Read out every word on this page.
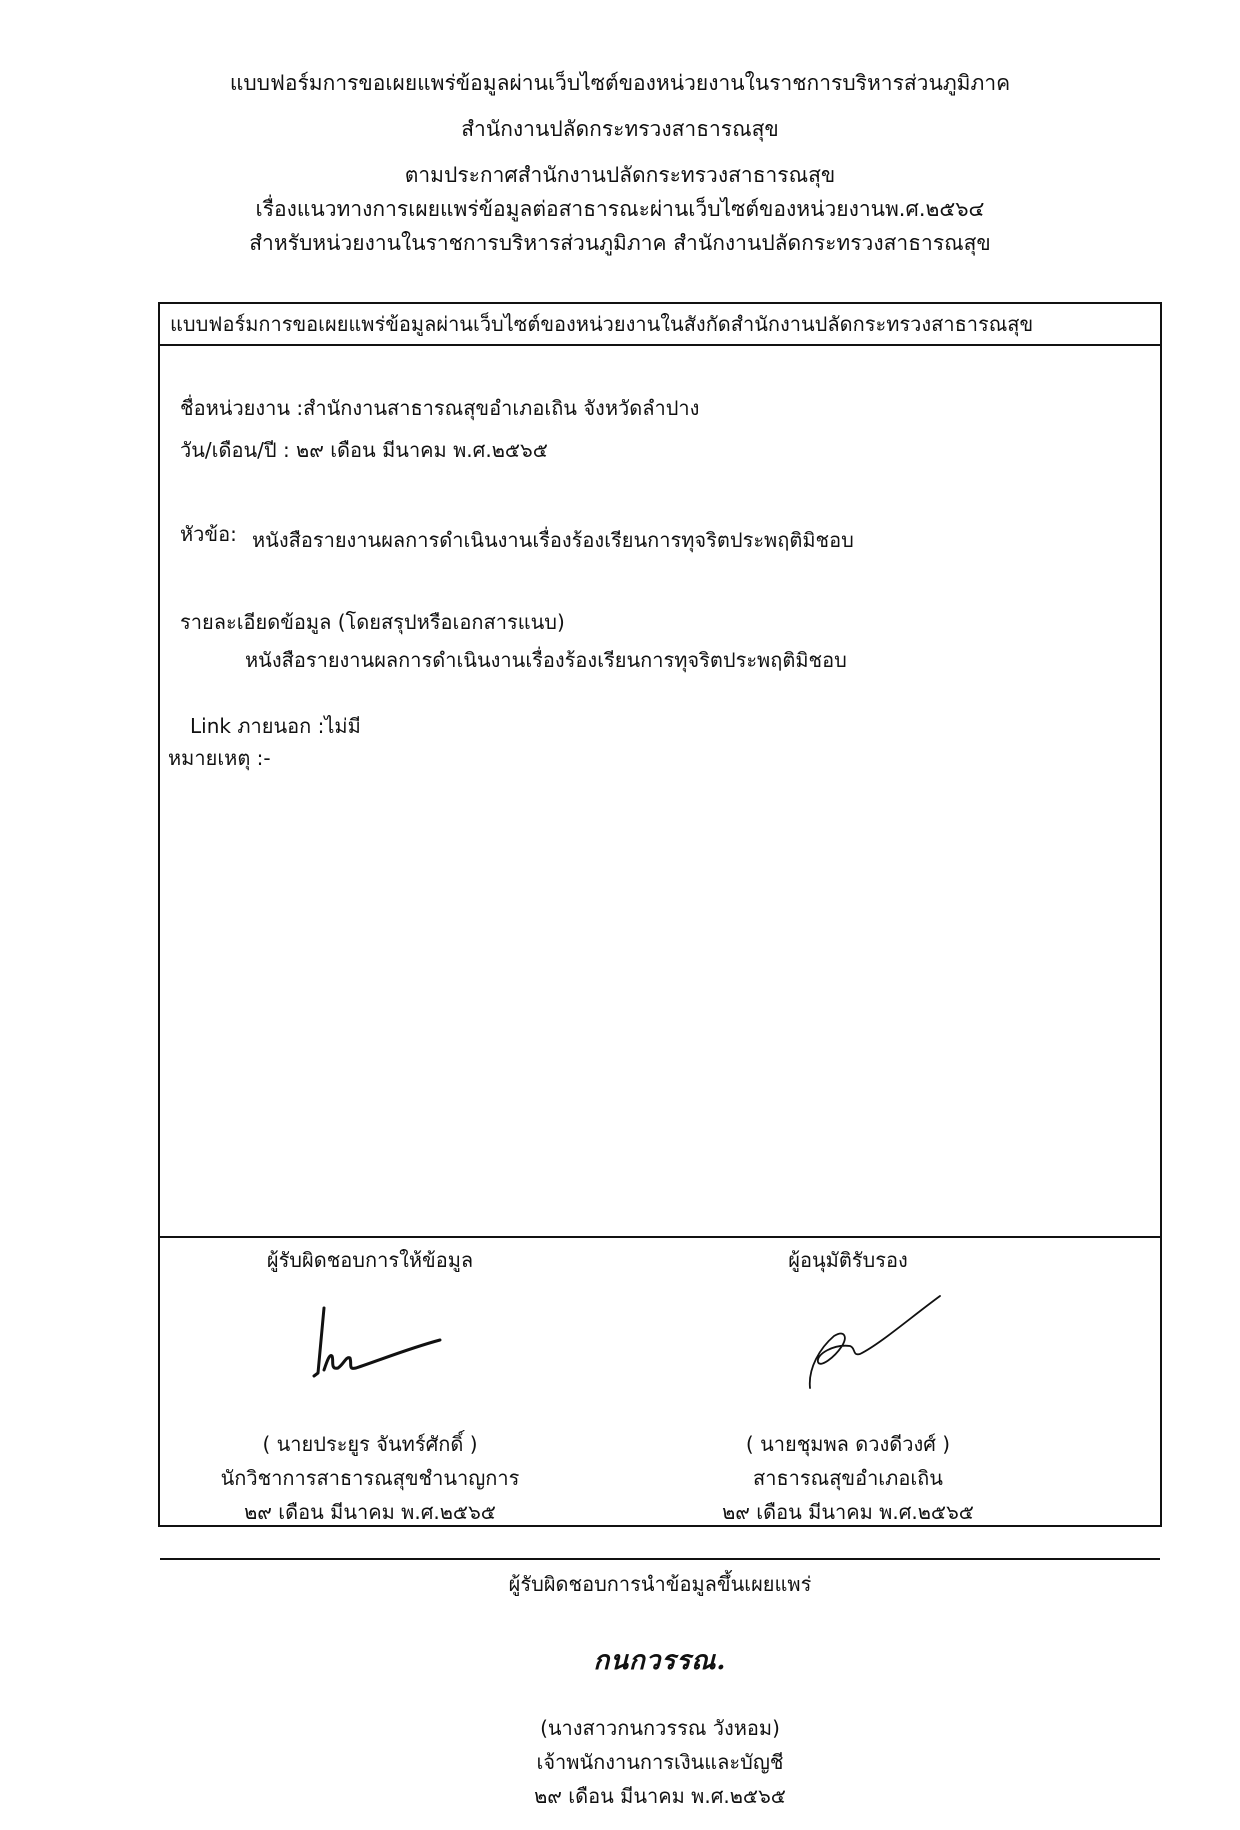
แบบฟอร์มการขอเผยแพร่ข้อมูลผ่านเว็บไซต์ของหน่วยงานในราชการบริหารส่วนภูมิภาค
สำนักงานปลัดกระทรวงสาธารณสุข
ตามประกาศสำนักงานปลัดกระทรวงสาธารณสุข
เรื่องแนวทางการเผยแพร่ข้อมูลต่อสาธารณะผ่านเว็บไซต์ของหน่วยงานพ.ศ.๒๕๖๔
สำหรับหน่วยงานในราชการบริหารส่วนภูมิภาค สำนักงานปลัดกระทรวงสาธารณสุข
แบบฟอร์มการขอเผยแพร่ข้อมูลผ่านเว็บไซต์ของหน่วยงานในสังกัดสำนักงานปลัดกระทรวงสาธารณสุข
ชื่อหน่วยงาน :สำนักงานสาธารณสุขอำเภอเถิน จังหวัดลำปาง
วัน/เดือน/ปี : ๒๙ เดือน มีนาคม พ.ศ.๒๕๖๕
หัวข้อ: หนังสือรายงานผลการดำเนินงานเรื่องร้องเรียนการทุจริตประพฤติมิชอบ
รายละเอียดข้อมูล (โดยสรุปหรือเอกสารแนบ)
หนังสือรายงานผลการดำเนินงานเรื่องร้องเรียนการทุจริตประพฤติมิชอบ
Link ภายนอก :ไม่มี
หมายเหตุ :-
ผู้รับผิดชอบการให้ข้อมูล
( นายประยูร จันทร์ศักดิ์ )
นักวิชาการสาธารณสุขชำนาญการ
๒๙ เดือน มีนาคม พ.ศ.๒๕๖๕
ผู้อนุมัติรับรอง
( นายชุมพล ดวงดีวงศ์ )
สาธารณสุขอำเภอเถิน
๒๙ เดือน มีนาคม พ.ศ.๒๕๖๕
ผู้รับผิดชอบการนำข้อมูลขึ้นเผยแพร่
กนกวรรณ.
(นางสาวกนกวรรณ วังหอม)
เจ้าพนักงานการเงินและบัญชี
๒๙ เดือน มีนาคม พ.ศ.๒๕๖๕
